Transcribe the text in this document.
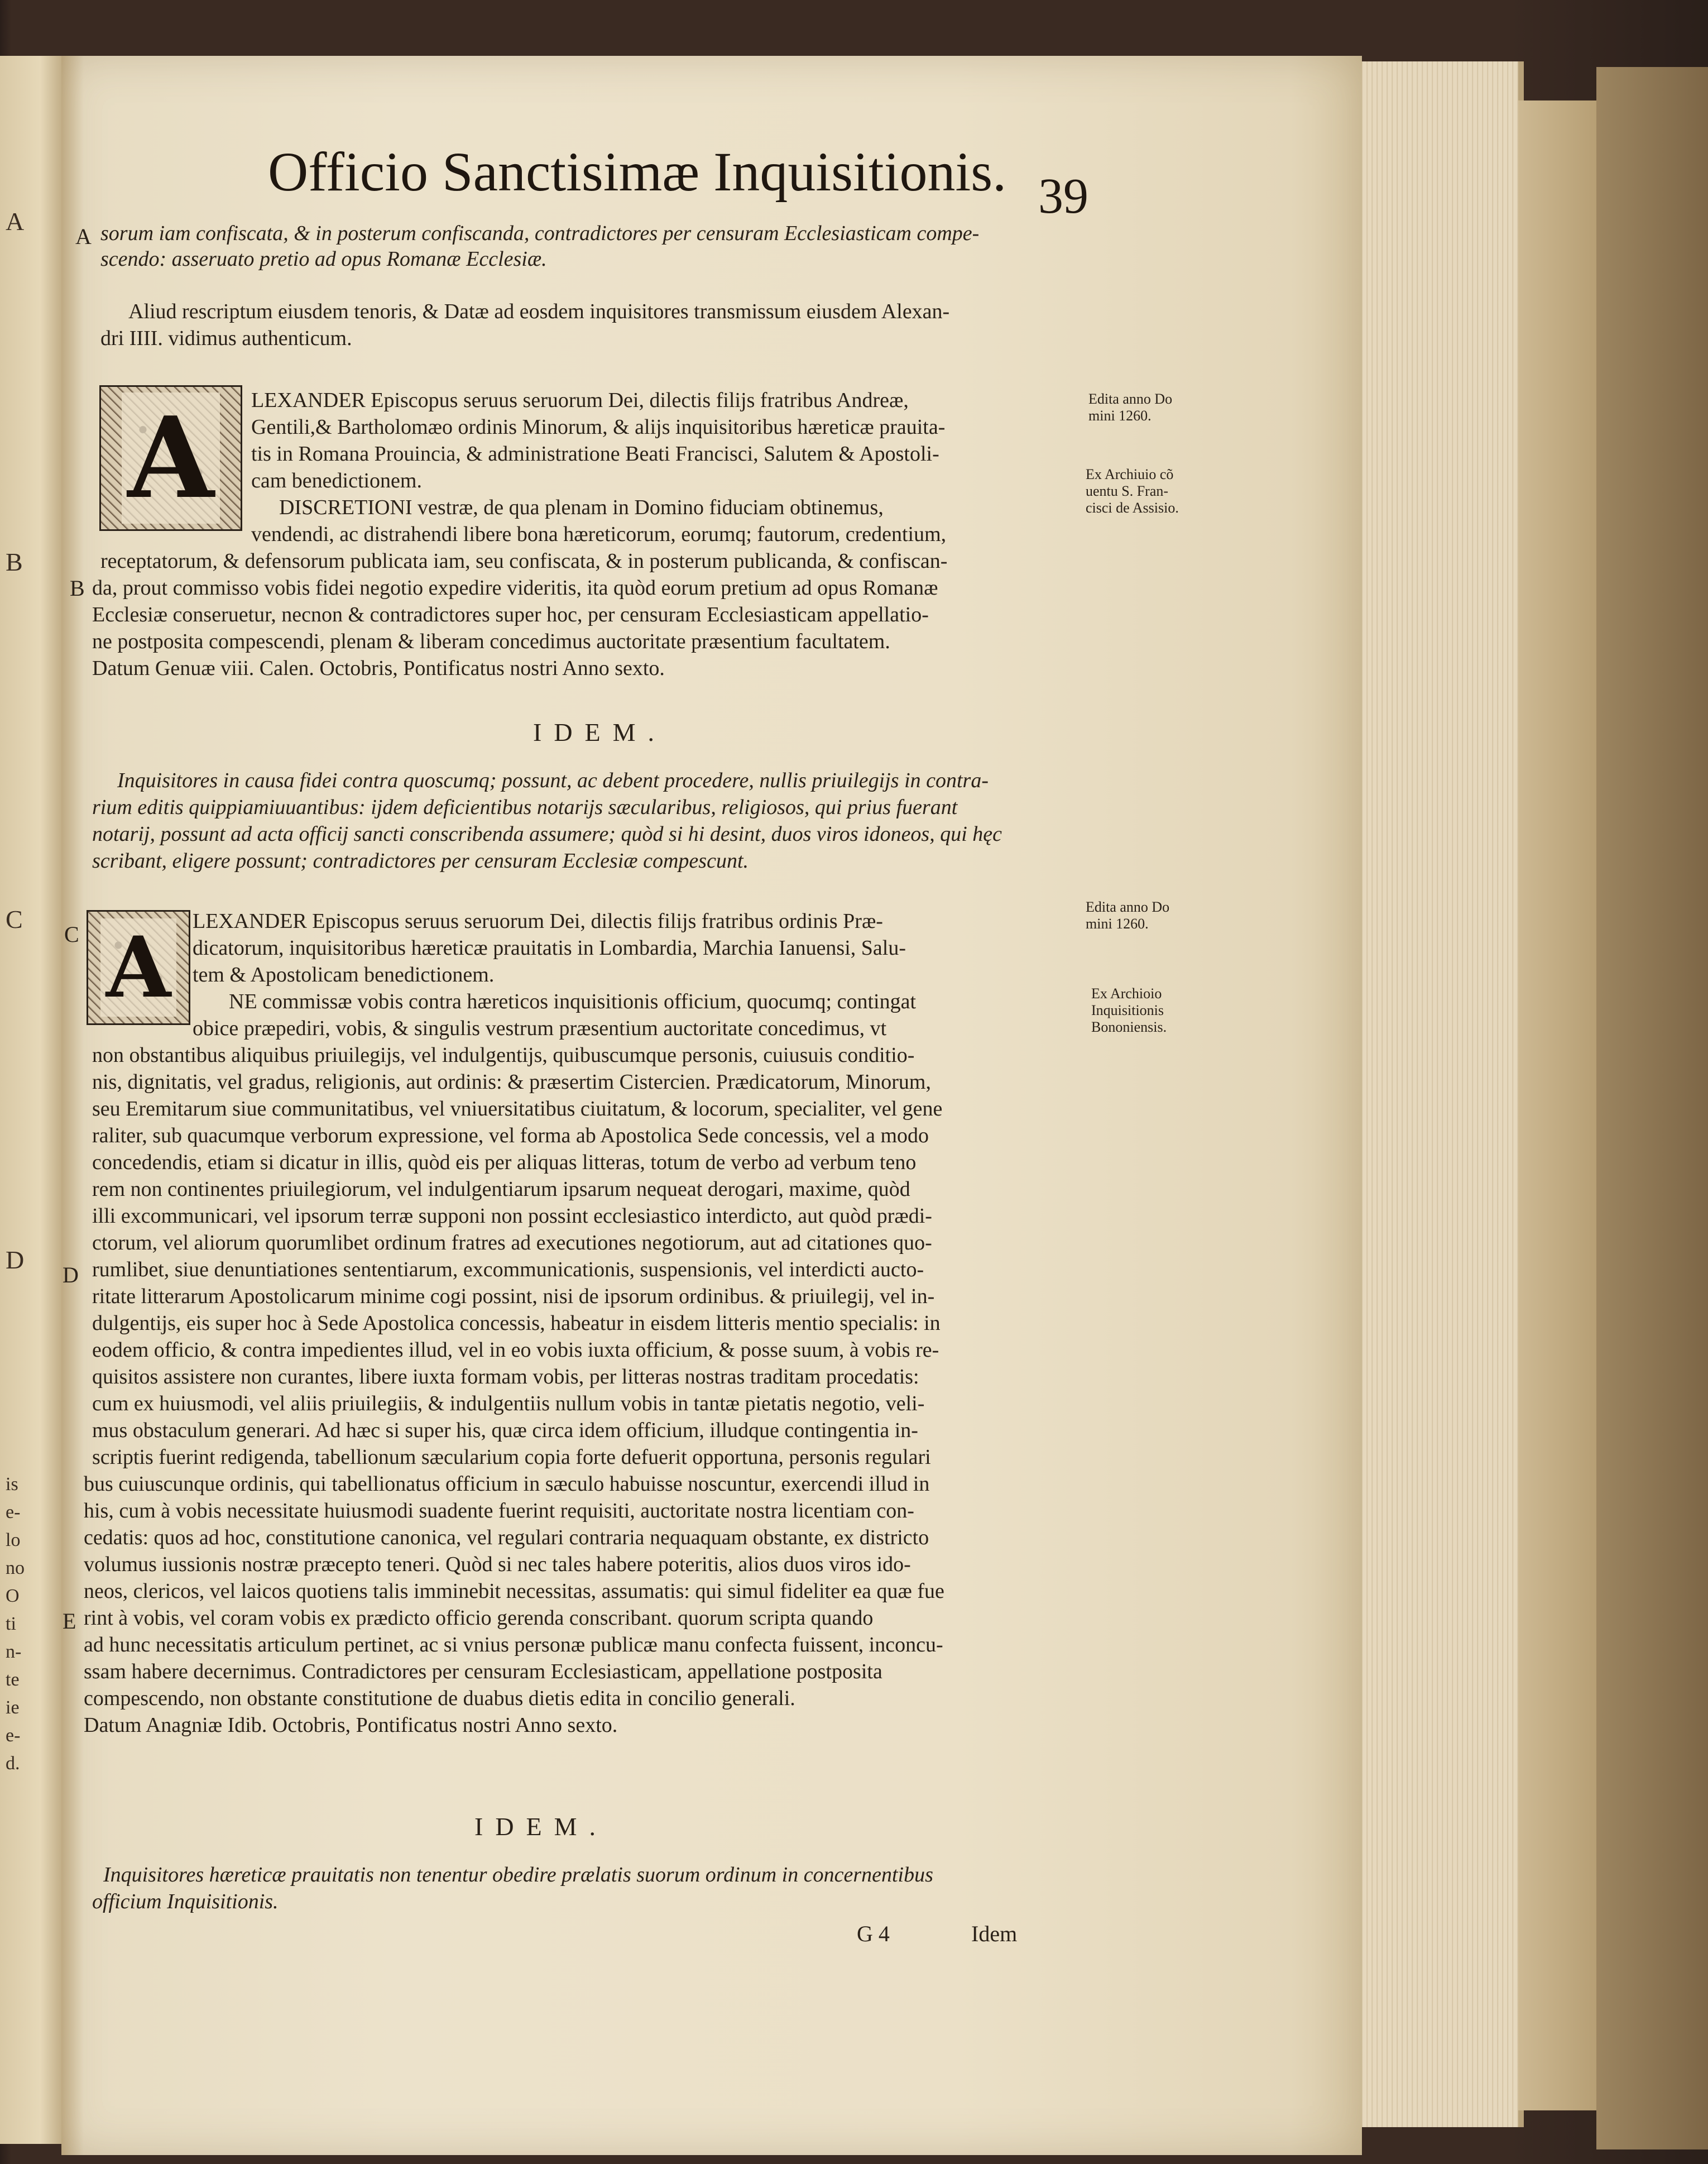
A
B
C
D
is
e-
lo
no
O
ti
n-
te
ie
e-
d.
Officio Sanctisimæ Inquisitionis. 39
A
B
C
D
E
sorum iam confiscata, & in posterum confiscanda, contradictores per censuram Ecclesiasticam compe-
scendo: asseruato pretio ad opus Romanæ Ecclesiæ.
Aliud rescriptum eiusdem tenoris, & Datæ ad eosdem inquisitores transmissum eiusdem Alexan-
dri IIII. vidimus authenticum.
A LEXANDER Episcopus seruus seruorum Dei, dilectis filijs fratribus Andreæ,
Gentili,& Bartholomæo ordinis Minorum, & alijs inquisitoribus hæreticæ prauita-
tis in Romana Prouincia, & administratione Beati Francisci, Salutem & Apostoli-
cam benedictionem.
DISCRETIONI vestræ, de qua plenam in Domino fiduciam obtinemus,
vendendi, ac distrahendi libere bona hæreticorum, eorumq; fautorum, credentium,
receptatorum, & defensorum publicata iam, seu confiscata, & in posterum publicanda, & confiscan-
da, prout commisso vobis fidei negotio expedire videritis, ita quòd eorum pretium ad opus Romanæ
Ecclesiæ conseruetur, necnon & contradictores super hoc, per censuram Ecclesiasticam appellatio-
ne postposita compescendi, plenam & liberam concedimus auctoritate præsentium facultatem.
Datum Genuæ viii. Calen. Octobris, Pontificatus nostri Anno sexto.
Edita anno Do
mini 1260.
Ex Archiuio cõ
uentu S. Fran-
cisci de Assisio.
IDEM.
Inquisitores in causa fidei contra quoscumq; possunt, ac debent procedere, nullis priuilegijs in contra-
rium editis quippiamiuuantibus: ijdem deficientibus notarijs sæcularibus, religiosos, qui prius fuerant
notarij, possunt ad acta officij sancti conscribenda assumere; quòd si hi desint, duos viros idoneos, qui hęc
scribant, eligere possunt; contradictores per censuram Ecclesiæ compescunt.
A LEXANDER Episcopus seruus seruorum Dei, dilectis filijs fratribus ordinis Præ-
dicatorum, inquisitoribus hæreticæ prauitatis in Lombardia, Marchia Ianuensi, Salu-
tem & Apostolicam benedictionem.
NE commissæ vobis contra hæreticos inquisitionis officium, quocumq; contingat
obice præpediri, vobis, & singulis vestrum præsentium auctoritate concedimus, vt
non obstantibus aliquibus priuilegijs, vel indulgentijs, quibuscumque personis, cuiusuis conditio-
nis, dignitatis, vel gradus, religionis, aut ordinis: & præsertim Cistercien. Prædicatorum, Minorum,
seu Eremitarum siue communitatibus, vel vniuersitatibus ciuitatum, & locorum, specialiter, vel gene
raliter, sub quacumque verborum expressione, vel forma ab Apostolica Sede concessis, vel a modo
concedendis, etiam si dicatur in illis, quòd eis per aliquas litteras, totum de verbo ad verbum teno
rem non continentes priuilegiorum, vel indulgentiarum ipsarum nequeat derogari, maxime, quòd
illi excommunicari, vel ipsorum terræ supponi non possint ecclesiastico interdicto, aut quòd prædi-
ctorum, vel aliorum quorumlibet ordinum fratres ad executiones negotiorum, aut ad citationes quo-
rumlibet, siue denuntiationes sententiarum, excommunicationis, suspensionis, vel interdicti aucto-
ritate litterarum Apostolicarum minime cogi possint, nisi de ipsorum ordinibus. & priuilegij, vel in-
dulgentijs, eis super hoc à Sede Apostolica concessis, habeatur in eisdem litteris mentio specialis: in
eodem officio, & contra impedientes illud, vel in eo vobis iuxta officium, & posse suum, à vobis re-
quisitos assistere non curantes, libere iuxta formam vobis, per litteras nostras traditam procedatis:
cum ex huiusmodi, vel aliis priuilegiis, & indulgentiis nullum vobis in tantæ pietatis negotio, veli-
mus obstaculum generari. Ad hæc si super his, quæ circa idem officium, illudque contingentia in-
scriptis fuerint redigenda, tabellionum sæcularium copia forte defuerit opportuna, personis regulari
bus cuiuscunque ordinis, qui tabellionatus officium in sæculo habuisse noscuntur, exercendi illud in
his, cum à vobis necessitate huiusmodi suadente fuerint requisiti, auctoritate nostra licentiam con-
cedatis: quos ad hoc, constitutione canonica, vel regulari contraria nequaquam obstante, ex districto
volumus iussionis nostræ præcepto teneri. Quòd si nec tales habere poteritis, alios duos viros ido-
neos, clericos, vel laicos quotiens talis imminebit necessitas, assumatis: qui simul fideliter ea quæ fue
rint à vobis, vel coram vobis ex prædicto officio gerenda conscribant. quorum scripta quando
ad hunc necessitatis articulum pertinet, ac si vnius personæ publicæ manu confecta fuissent, inconcu-
ssam habere decernimus. Contradictores per censuram Ecclesiasticam, appellatione postposita
compescendo, non obstante constitutione de duabus dietis edita in concilio generali.
Datum Anagniæ Idib. Octobris, Pontificatus nostri Anno sexto.
Edita anno Do
mini 1260.
Ex Archioio
Inquisitionis
Bononiensis.
IDEM.
Inquisitores hæreticæ prauitatis non tenentur obedire prælatis suorum ordinum in concernentibus
officium Inquisitionis.
G 4	Idem
